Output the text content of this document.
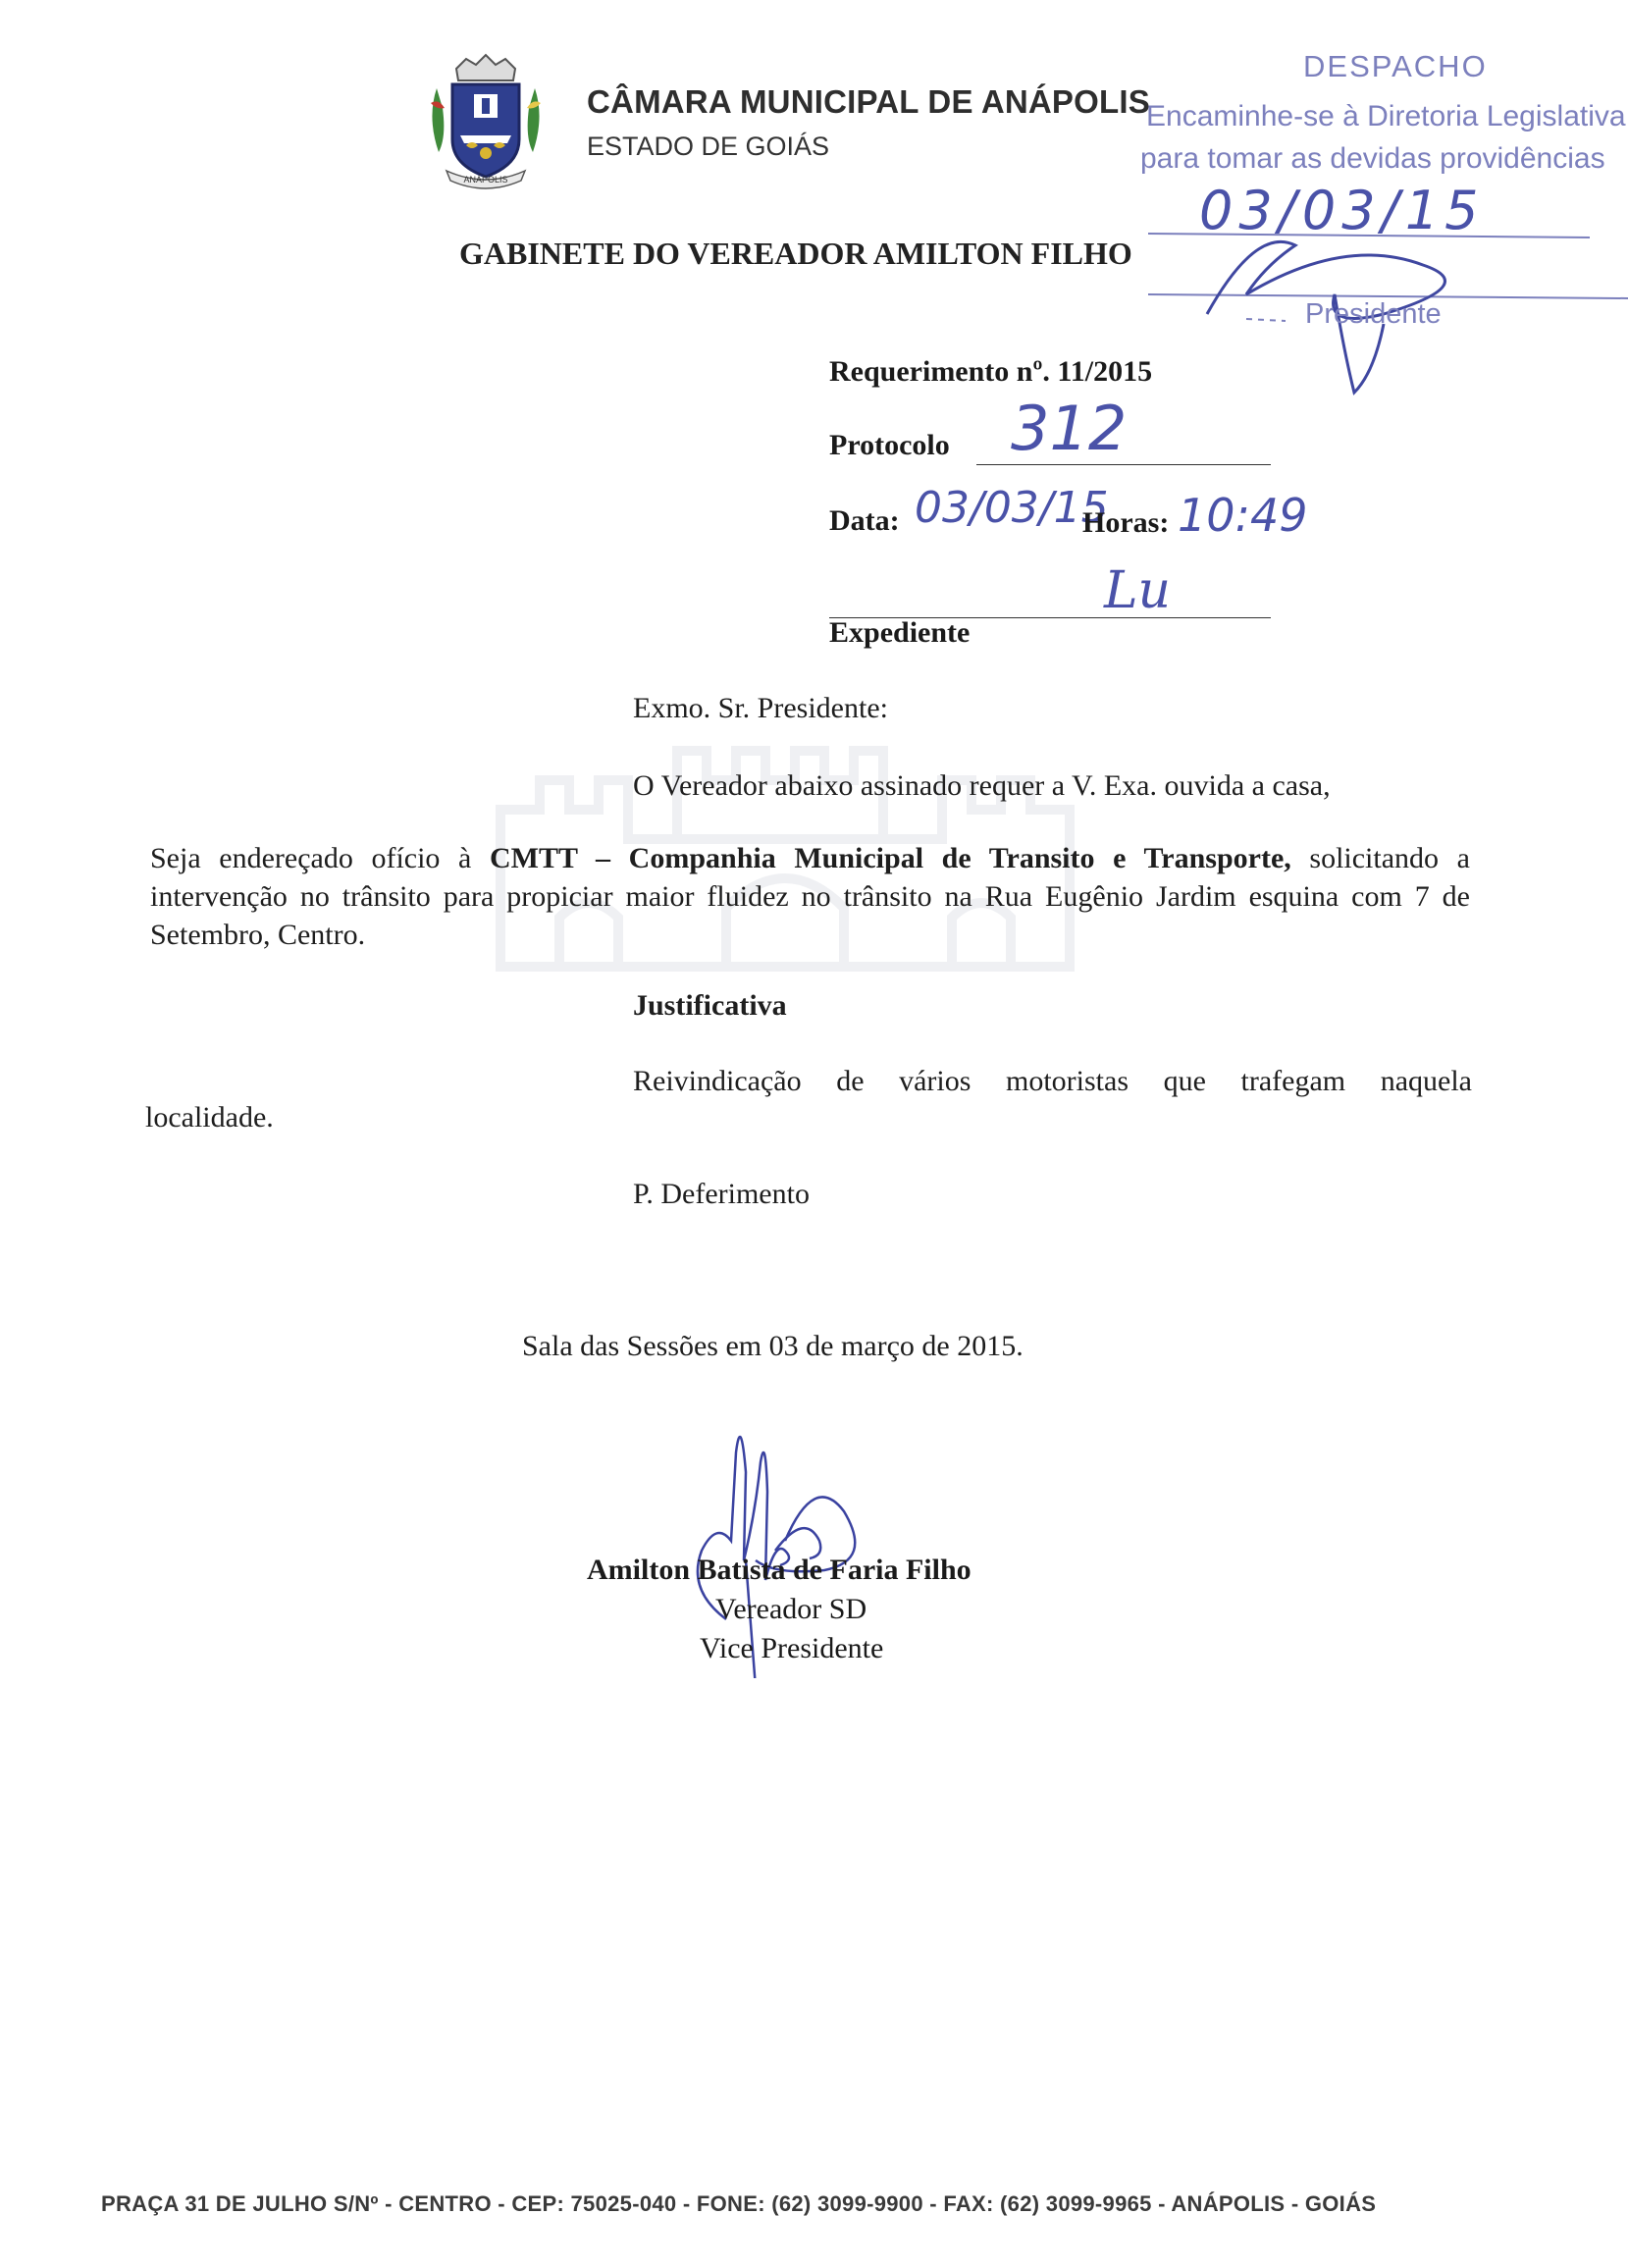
ANÁPOLIS
CÂMARA MUNICIPAL DE ANÁPOLIS
ESTADO DE GOIÁS
DESPACHO
Encaminhe-se à Diretoria Legislativa
para tomar as devidas providências
03/03/15
Presidente
GABINETE DO VEREADOR AMILTON FILHO
Requerimento nº. 11/2015
Protocolo 312
Data: 03/03/15
Horas: 10:49
Lu
Expediente
Exmo. Sr. Presidente:
O Vereador abaixo assinado requer a V. Exa. ouvida a casa,
Seja endereçado ofício à CMTT – Companhia Municipal de Transito e Transporte, solicitando a intervenção no trânsito para propiciar maior fluidez no trânsito na Rua Eugênio Jardim esquina com 7 de Setembro, Centro.
Justificativa
Reivindicação de vários motoristas que trafegam naquela
localidade.
P. Deferimento
Sala das Sessões em 03 de março de 2015.
Amilton Batista de Faria Filho
Vereador SD
Vice Presidente
PRAÇA 31 DE JULHO S/Nº - CENTRO - CEP: 75025-040 - FONE: (62) 3099-9900 - FAX: (62) 3099-9965 - ANÁPOLIS - GOIÁS
